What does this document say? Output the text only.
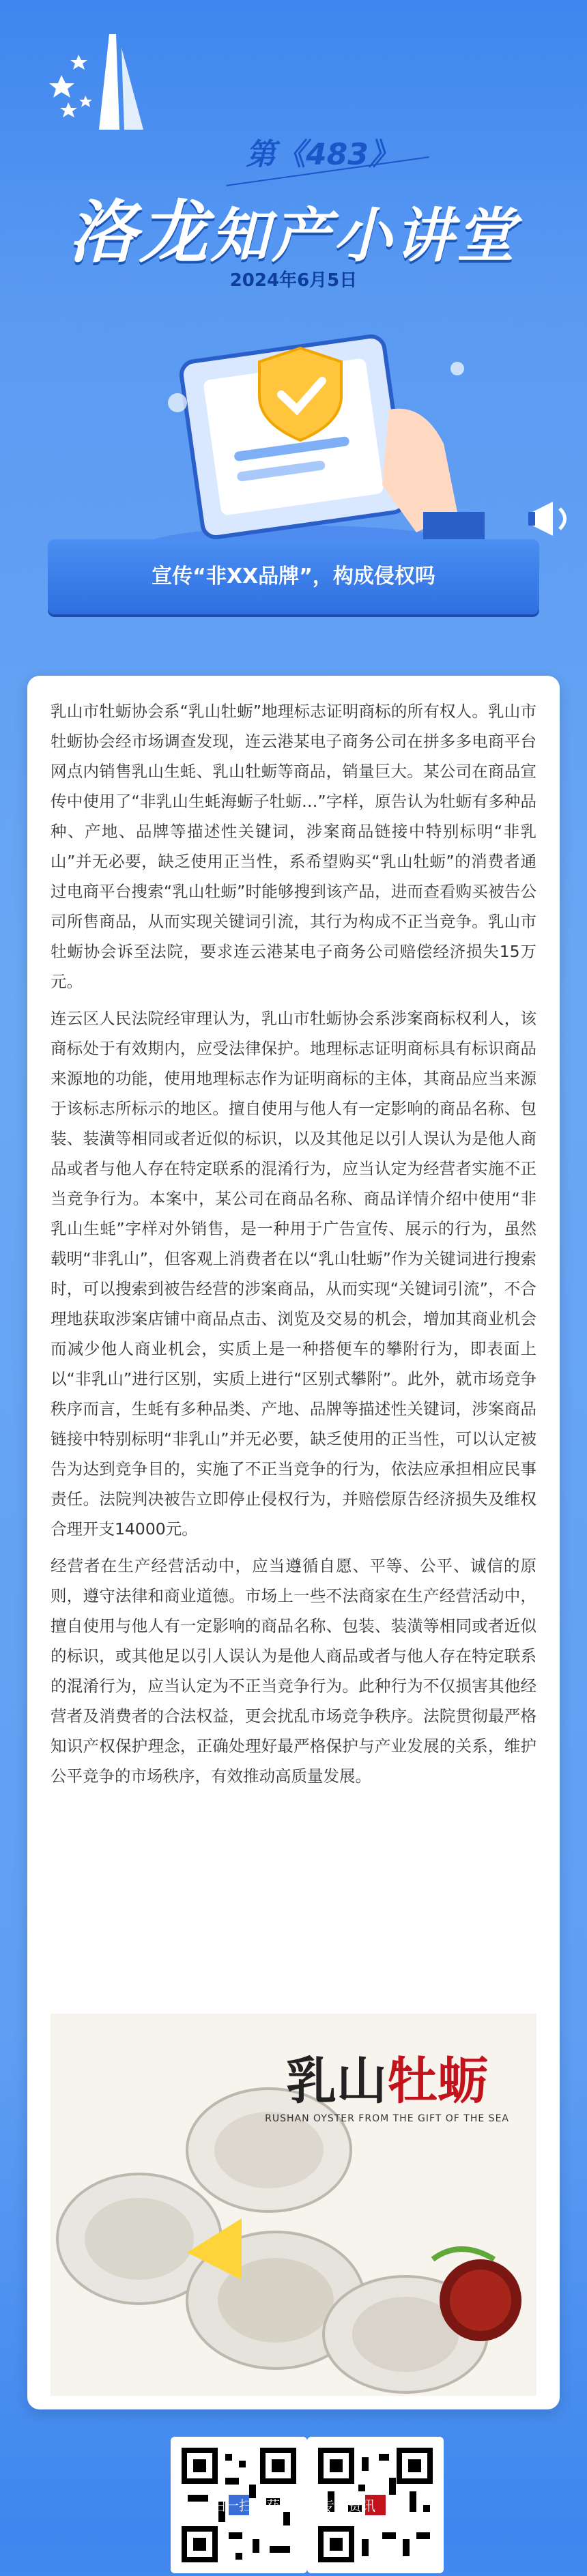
第《483》
洛龙知产小讲堂
2024年6月5日
宣传“非XX品牌”，构成侵权吗

乳山市牡蛎协会系“乳山牡蛎”地理标志证明商标的所有权人。乳山市牡蛎协会经市场调查发现，连云港某电子商务公司在拼多多电商平台网点内销售乳山生蚝、乳山牡蛎等商品，销量巨大。某公司在商品宣传中使用了“非乳山生蚝海蛎子牡蛎…”字样，原告认为牡蛎有多种品种、产地、品牌等描述性关键词，涉案商品链接中特别标明“非乳山”并无必要，缺乏使用正当性，系希望购买“乳山牡蛎”的消费者通过电商平台搜索“乳山牡蛎”时能够搜到该产品，进而查看购买被告公司所售商品，从而实现关键词引流，其行为构成不正当竞争。乳山市牡蛎协会诉至法院，要求连云港某电子商务公司赔偿经济损失15万元。

连云区人民法院经审理认为，乳山市牡蛎协会系涉案商标权利人，该商标处于有效期内，应受法律保护。地理标志证明商标具有标识商品来源地的功能，使用地理标志作为证明商标的主体，其商品应当来源于该标志所标示的地区。擅自使用与他人有一定影响的商品名称、包装、装潢等相同或者近似的标识，以及其他足以引人误认为是他人商品或者与他人存在特定联系的混淆行为，应当认定为经营者实施不正当竞争行为。本案中，某公司在商品名称、商品详情介绍中使用“非乳山生蚝”字样对外销售，是一种用于广告宣传、展示的行为，虽然载明“非乳山”，但客观上消费者在以“乳山牡蛎”作为关键词进行搜索时，可以搜索到被告经营的涉案商品，从而实现“关键词引流”，不合理地获取涉案店铺中商品点击、浏览及交易的机会，增加其商业机会而减少他人商业机会，实质上是一种搭便车的攀附行为，即表面上以“非乳山”进行区别，实质上进行“区别式攀附”。此外，就市场竞争秩序而言，生蚝有多种品类、产地、品牌等描述性关键词，涉案商品链接中特别标明“非乳山”并无必要，缺乏使用的正当性，可以认定被告为达到竞争目的，实施了不正当竞争的行为，依法应承担相应民事责任。法院判决被告立即停止侵权行为，并赔偿原告经济损失及维权合理开支14000元。

经营者在生产经营活动中，应当遵循自愿、平等、公平、诚信的原则，遵守法律和商业道德。市场上一些不法商家在生产经营活动中，擅自使用与他人有一定影响的商品名称、包装、装潢等相同或者近似的标识，或其他足以引人误认为是他人商品或者与他人存在特定联系的混淆行为，应当认定为不正当竞争行为。此种行为不仅损害其他经营者及消费者的合法权益，更会扰乱市场竞争秩序。法院贯彻最严格知识产权保护理念，正确处理好最严格保护与产业发展的关系，维护公平竞争的市场秩序，有效推动高质量发展。

乳山牡蛎
RUSHAN OYSTER FROM THE GIFT OF THE SEA
扫一扫，获取更多专业资讯
